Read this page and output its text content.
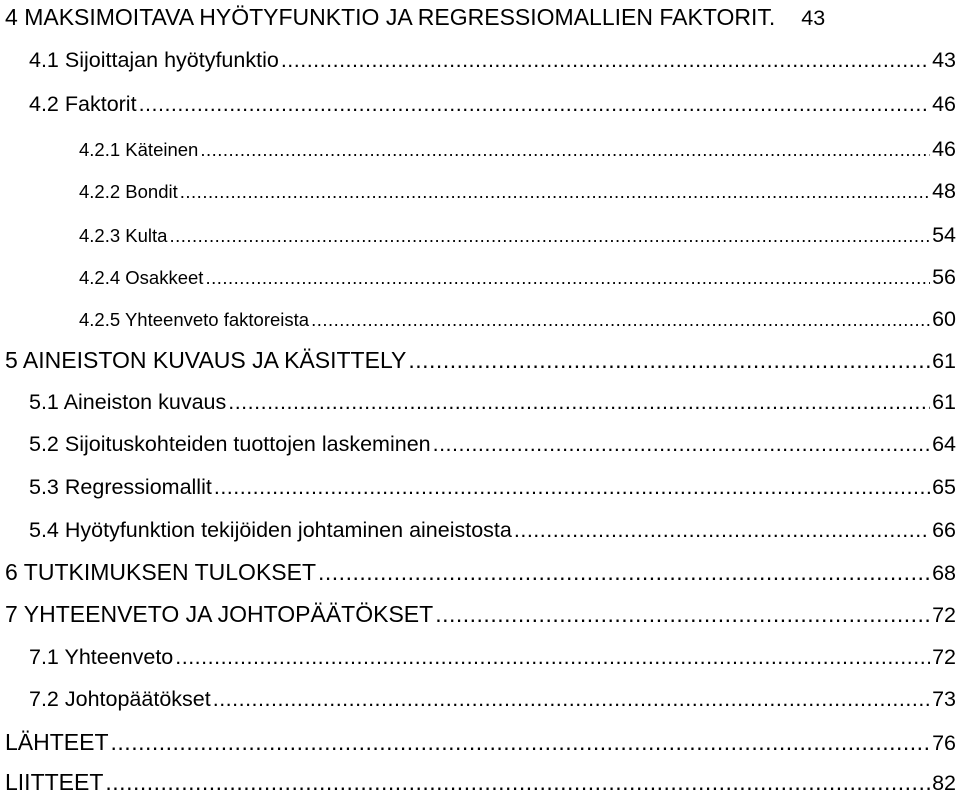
4 MAKSIMOITAVA HYÖTYFUNKTIO JA REGRESSIOMALLIEN FAKTORIT. 43
4.1 Sijoittajan hyötyfunktio .....	43
4.2 Faktorit .....	46
4.2.1 Käteinen .....	46
4.2.2 Bondit .....	48
4.2.3 Kulta .....	54
4.2.4 Osakkeet .....	56
4.2.5 Yhteenveto faktoreista .....	60
5 AINEISTON KUVAUS JA KÄSITTELY .....	61
5.1 Aineiston kuvaus .....	61
5.2 Sijoituskohteiden tuottojen laskeminen .....	64
5.3 Regressiomallit .....	65
5.4 Hyötyfunktion tekijöiden johtaminen aineistosta .....	66
6 TUTKIMUKSEN TULOKSET .....	68
7 YHTEENVETO JA JOHTOPÄÄTÖKSET .....	72
7.1 Yhteenveto .....	72
7.2 Johtopäätökset .....	73
LÄHTEET .....	76
LIITTEET .....	82
